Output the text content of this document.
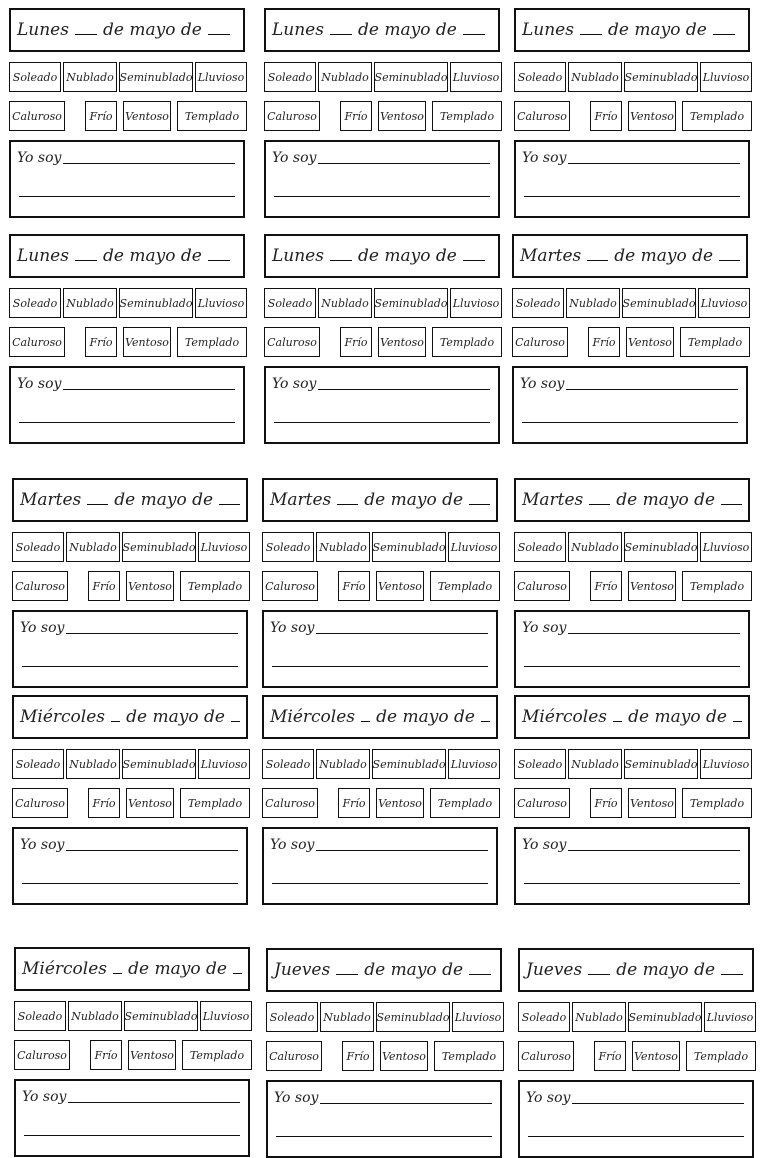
Lunes de mayo de
Soleado Nublado Seminublado Lluvioso
Caluroso	Frío	Ventoso	Templado
Yo soy
Lunes de mayo de
Soleado Nublado Seminublado Lluvioso
Caluroso	Frío	Ventoso	Templado
Yo soy
Lunes de mayo de
Soleado Nublado Seminublado Lluvioso
Caluroso	Frío	Ventoso	Templado
Yo soy
Lunes de mayo de
Soleado Nublado Seminublado Lluvioso
Caluroso	Frío	Ventoso	Templado
Yo soy
Lunes de mayo de
Soleado Nublado Seminublado Lluvioso
Caluroso	Frío	Ventoso	Templado
Yo soy
Martes de mayo de
Soleado Nublado Seminublado Lluvioso
Caluroso	Frío	Ventoso	Templado
Yo soy
Martes de mayo de
Soleado Nublado Seminublado Lluvioso
Caluroso	Frío	Ventoso	Templado
Yo soy
Martes de mayo de
Soleado Nublado Seminublado Lluvioso
Caluroso	Frío	Ventoso	Templado
Yo soy
Martes de mayo de
Soleado Nublado Seminublado Lluvioso
Caluroso	Frío	Ventoso	Templado
Yo soy
Miércoles de mayo de
Soleado Nublado Seminublado Lluvioso
Caluroso	Frío	Ventoso	Templado
Yo soy
Miércoles de mayo de
Soleado Nublado Seminublado Lluvioso
Caluroso	Frío	Ventoso	Templado
Yo soy
Miércoles de mayo de
Soleado Nublado Seminublado Lluvioso
Caluroso	Frío	Ventoso	Templado
Yo soy
Miércoles de mayo de
Soleado Nublado Seminublado Lluvioso
Caluroso	Frío	Ventoso	Templado
Yo soy
Jueves de mayo de
Soleado Nublado Seminublado Lluvioso
Caluroso	Frío	Ventoso	Templado
Yo soy
Jueves de mayo de
Soleado Nublado Seminublado Lluvioso
Caluroso	Frío	Ventoso	Templado
Yo soy
